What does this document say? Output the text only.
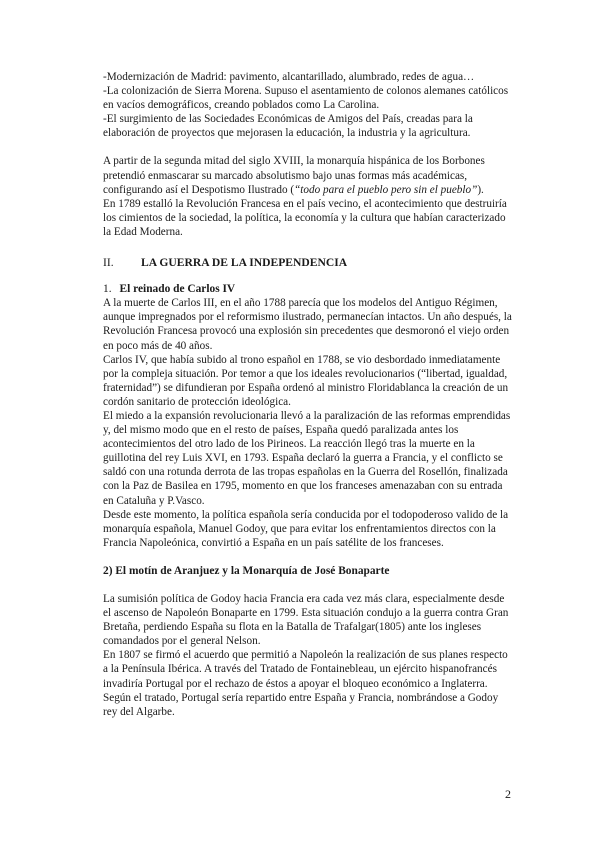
-Modernización de Madrid: pavimento, alcantarillado, alumbrado, redes de agua…

-La colonización de Sierra Morena. Supuso el asentamiento de colonos alemanes católicos en vacíos demográficos, creando poblados como La Carolina.

-El surgimiento de las Sociedades Económicas de Amigos del País, creadas para la elaboración de proyectos que mejorasen la educación, la industria y la agricultura.

A partir de la segunda mitad del siglo XVIII, la monarquía hispánica de los Borbones pretendió enmascarar su marcado absolutismo bajo unas formas más académicas, configurando así el Despotismo Ilustrado (“todo para el pueblo pero sin el pueblo”).

En 1789 estalló la Revolución Francesa en el país vecino, el acontecimiento que destruiría los cimientos de la sociedad, la política, la economía y la cultura que habían caracterizado la Edad Moderna.

II.	LA GUERRA DE LA INDEPENDENCIA
1. El reinado de Carlos IV

A la muerte de Carlos III, en el año 1788 parecía que los modelos del Antiguo Régimen, aunque impregnados por el reformismo ilustrado, permanecían intactos. Un año después, la Revolución Francesa provocó una explosión sin precedentes que desmoronó el viejo orden en poco más de 40 años.

Carlos IV, que había subido al trono español en 1788, se vio desbordado inmediatamente por la compleja situación. Por temor a que los ideales revolucionarios (“libertad, igualdad, fraternidad”) se difundieran por España ordenó al ministro Floridablanca la creación de un cordón sanitario de protección ideológica.

El miedo a la expansión revolucionaria llevó a la paralización de las reformas emprendidas y, del mismo modo que en el resto de países, España quedó paralizada antes los acontecimientos del otro lado de los Pirineos. La reacción llegó tras la muerte en la guillotina del rey Luis XVI, en 1793. España declaró la guerra a Francia, y el conflicto se saldó con una rotunda derrota de las tropas españolas en la Guerra del Rosellón, finalizada con la Paz de Basilea en 1795, momento en que los franceses amenazaban con su entrada en Cataluña y P.Vasco.

Desde este momento, la política española sería conducida por el todopoderoso valido de la monarquía española, Manuel Godoy, que para evitar los enfrentamientos directos con la Francia Napoleónica, convirtió a España en un país satélite de los franceses.

2) El motín de Aranjuez y la Monarquía de José Bonaparte

La sumisión política de Godoy hacia Francia era cada vez más clara, especialmente desde el ascenso de Napoleón Bonaparte en 1799. Esta situación condujo a la guerra contra Gran Bretaña, perdiendo España su flota en la Batalla de Trafalgar(1805) ante los ingleses comandados por el general Nelson.

En 1807 se firmó el acuerdo que permitió a Napoleón la realización de sus planes respecto a la Península Ibérica. A través del Tratado de Fontainebleau, un ejército hispanofrancés invadiría Portugal por el rechazo de éstos a apoyar el bloqueo económico a Inglaterra. Según el tratado, Portugal sería repartido entre España y Francia, nombrándose a Godoy rey del Algarbe.

2
